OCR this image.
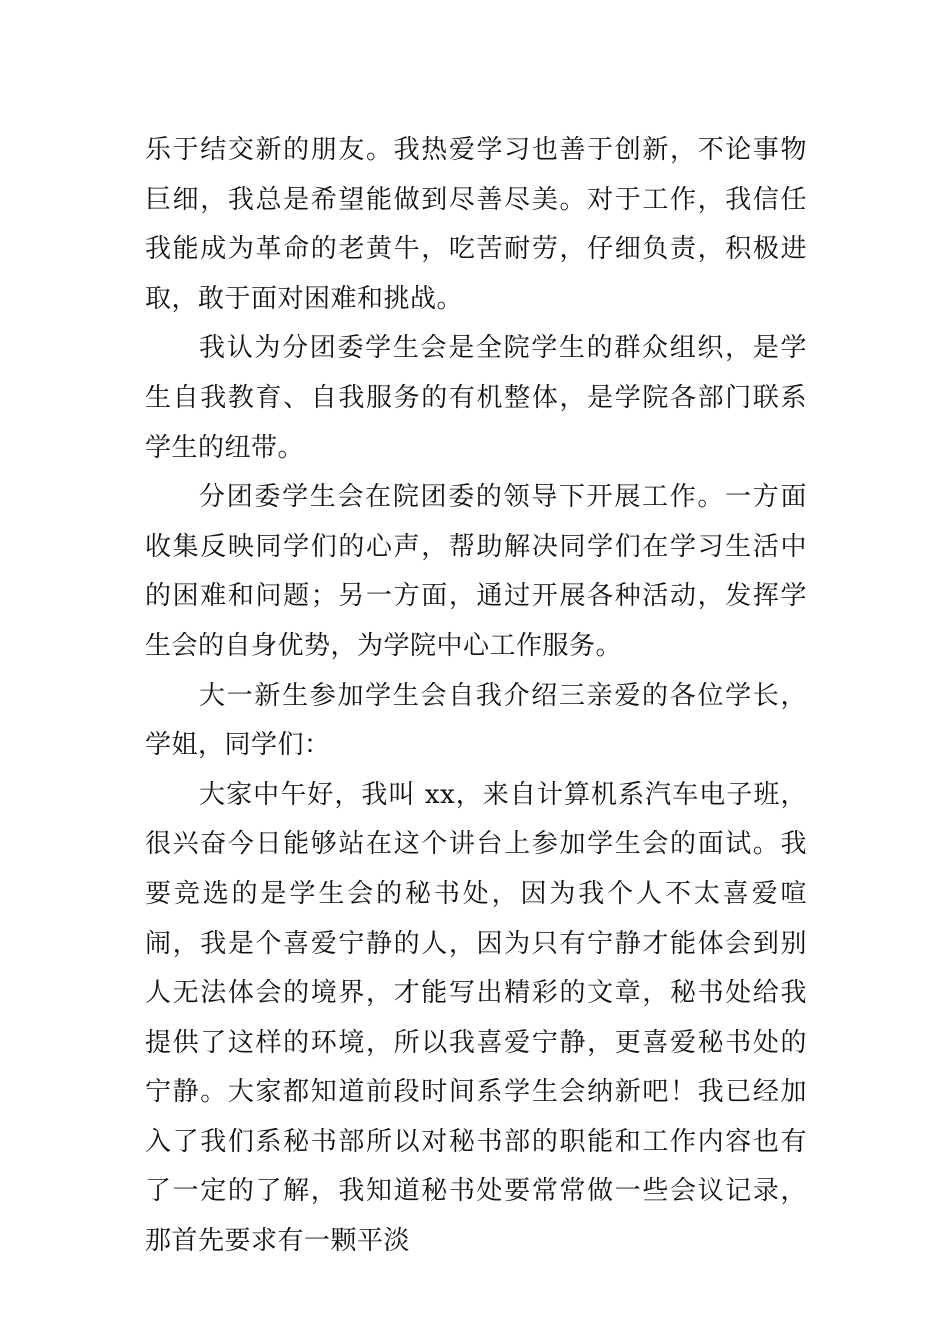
乐于结交新的朋友。我热爱学习也善于创新，不论事物巨细，我总是希望能做到尽善尽美。对于工作，我信任我能成为革命的老黄牛，吃苦耐劳，仔细负责，积极进取，敢于面对困难和挑战。

我认为分团委学生会是全院学生的群众组织，是学生自我教育、自我服务的有机整体，是学院各部门联系学生的纽带。

分团委学生会在院团委的领导下开展工作。一方面收集反映同学们的心声，帮助解决同学们在学习生活中的困难和问题；另一方面，通过开展各种活动，发挥学生会的自身优势，为学院中心工作服务。

大一新生参加学生会自我介绍三亲爱的各位学长，学姐，同学们：

大家中午好，我叫 xx，来自计算机系汽车电子班，很兴奋今日能够站在这个讲台上参加学生会的面试。我要竞选的是学生会的秘书处，因为我个人不太喜爱喧闹，我是个喜爱宁静的人，因为只有宁静才能体会到别人无法体会的境界，才能写出精彩的文章，秘书处给我提供了这样的环境，所以我喜爱宁静，更喜爱秘书处的宁静。大家都知道前段时间系学生会纳新吧！我已经加入了我们系秘书部所以对秘书部的职能和工作内容也有了一定的了解，我知道秘书处要常常做一些会议记录，那首先要求有一颗平淡
